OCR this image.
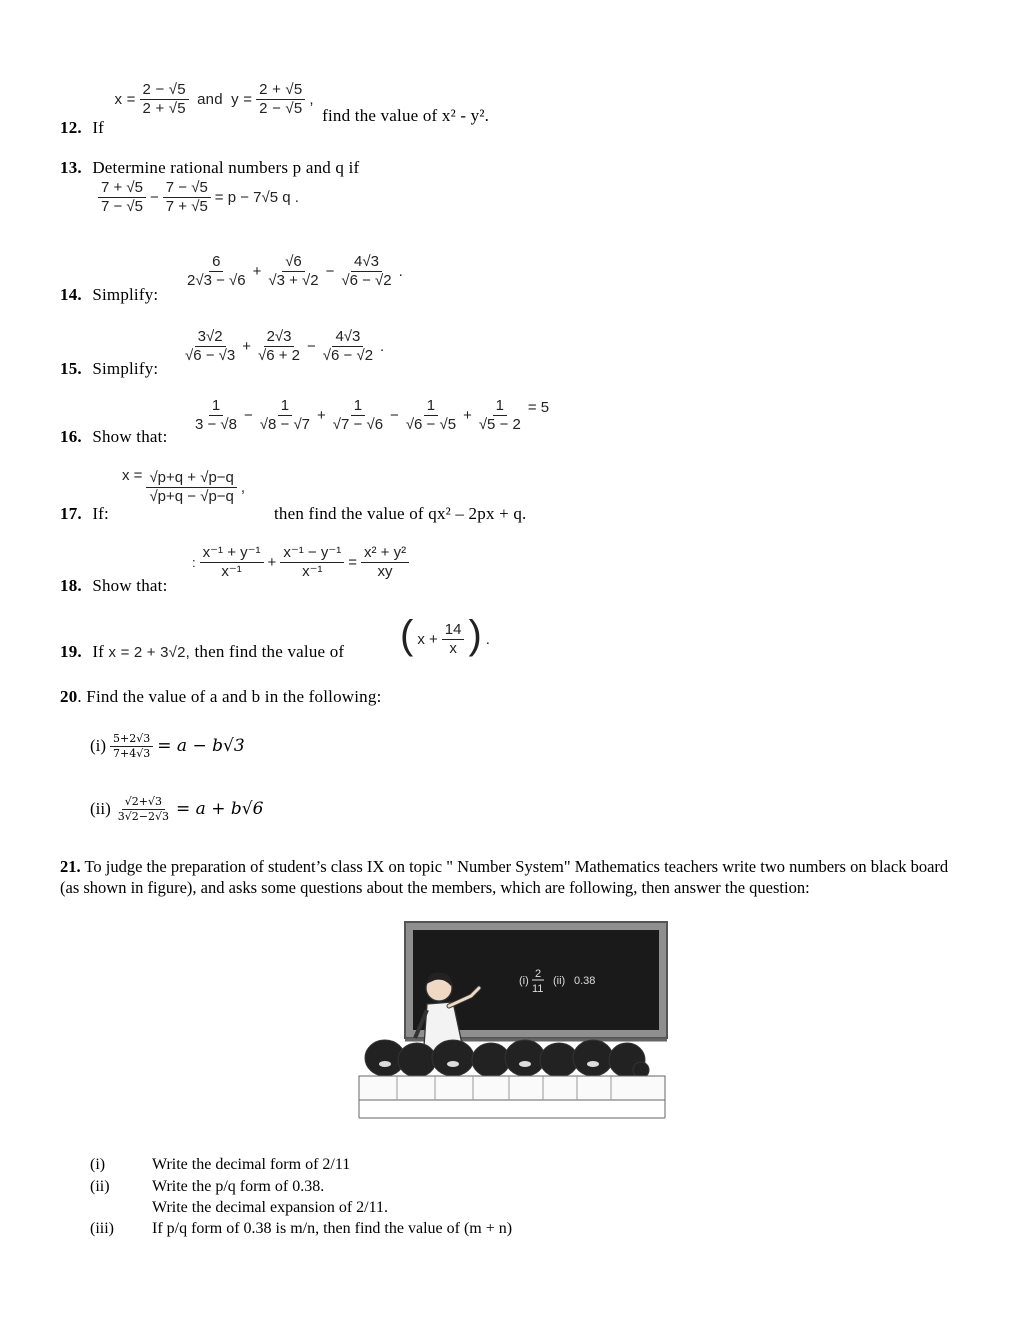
12. If $x = \frac{2 - √5}{2 + √5}$ and $y = \frac{2 + √5}{2 - √5}$ , find the value of x² - y².
13. Determine rational numbers p and q if
$\frac{7 + √5}{7 - √5} - \frac{7 - √5}{7 + √5} = p - 7√5$ q .
14. Simplify:
$\frac{6}{2√3 - √6} + \frac{√6}{√3 + √2} - \frac{4√3}{√6 - √2}$ .
15. Simplify:
$\frac{3√2}{√6 - √3} + \frac{2√3}{√6 + 2} - \frac{4√3}{√6 - √2}$ .
16. Show that:
$\frac{1}{3 - √8} - \frac{1}{√8 - √7} + \frac{1}{√7 - √6} - \frac{1}{√6 - √5} + \frac{1}{√5 - 2} = 5$
17. If:
$x = \frac{√p+q + √p-q}{√p+q - √p-q}$ ,
then find the value of qx² – 2px + q.
18. Show that:
: $\frac{\text{x⁻¹ + y⁻¹}}{\text{x⁻¹}} + \frac{\text{x⁻¹ − y⁻¹}}{\text{x⁻¹}} = \frac{\text{x² + y²}}{xy}$
19. If x = 2 + 3√2, then find the value of ( $x + \frac{14}{x}$ ) .
20. Find the value of a and b in the following:
$(i) \frac{5+2√3}{7+4√3} = a - b√3$
$(ii) \frac{√2+√3}{3√2-2√3} = a + b√6$
21. To judge the preparation of student’s class IX on topic " Number System" Mathematics teachers write two numbers on black board (as shown in figure), and asks some questions about the members, which are following, then answer the question:
(i)
2
11
(ii) 0.38
(i)	Write the decimal form of 2/11
(ii)	Write the p/q form of 0.38.
Write the decimal expansion of 2/11.
(iii) If p/q form of 0.38 is m/n, then find the value of (m + n)
